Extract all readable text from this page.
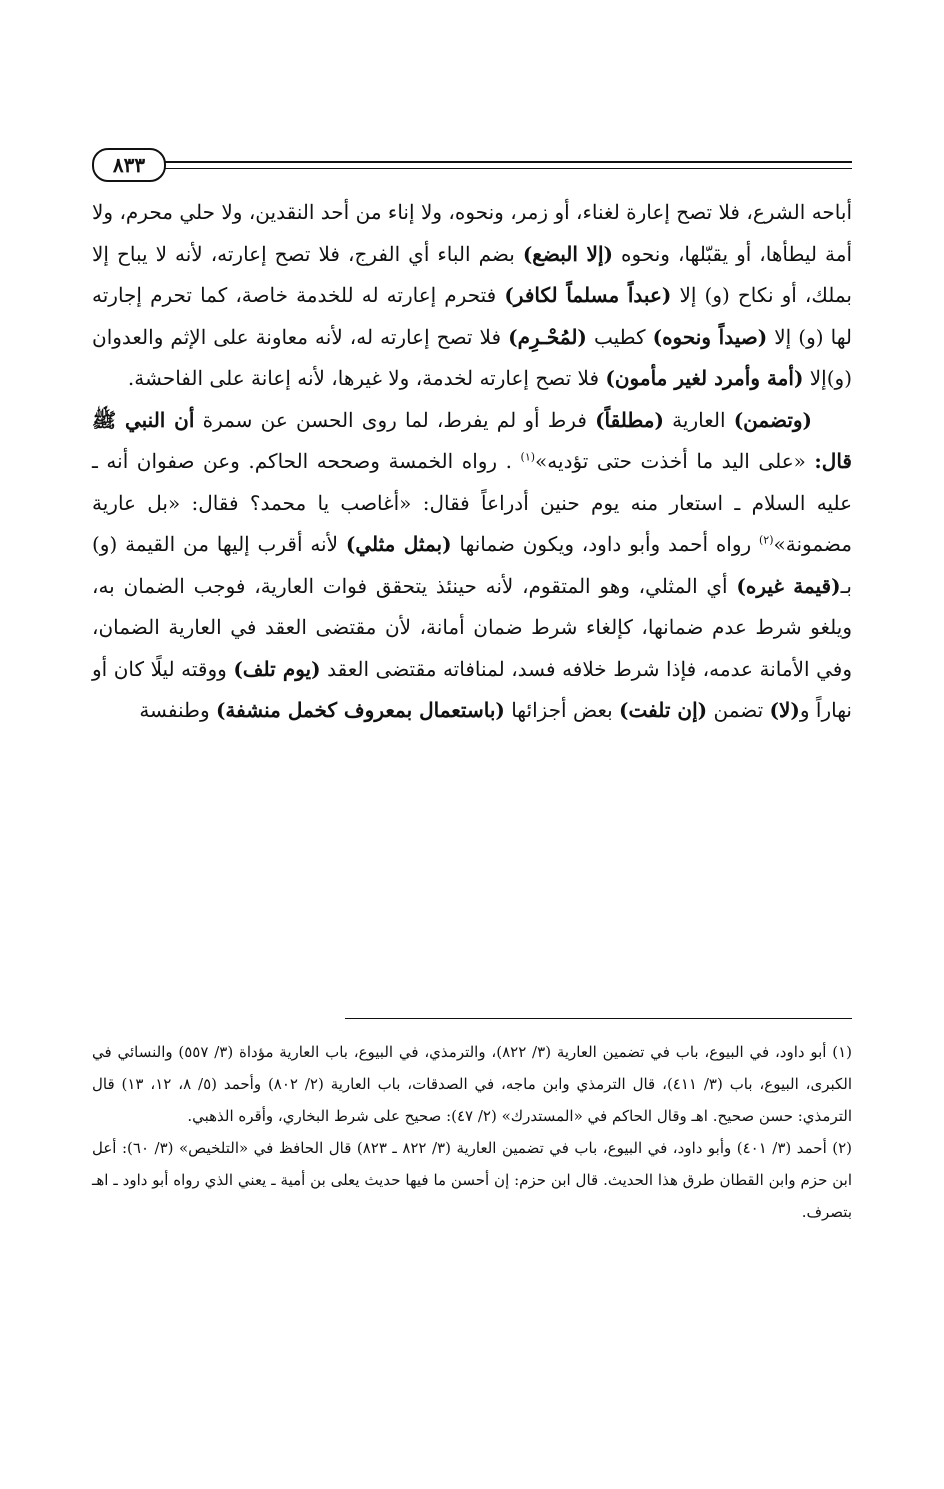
٨٣٣

أباحه الشرع، فلا تصح إعارة لغناء، أو زمر، ونحوه، ولا إناء من أحد النقدين، ولا حلي محرم، ولا أمة ليطأها، أو يقبّلها، ونحوه (إلا البضع) بضم الباء أي الفرج، فلا تصح إعارته، لأنه لا يباح إلا بملك، أو نكاح (و) إلا (عبداً مسلماً لكافر) فتحرم إعارته له للخدمة خاصة، كما تحرم إجارته لها (و) إلا (صيداً ونحوه) كطيب (لمُحْـرِم) فلا تصح إعارته له، لأنه معاونة على الإثم والعدوان (و)إلا (أمة وأمرد لغير مأمون) فلا تصح إعارته لخدمة، ولا غيرها، لأنه إعانة على الفاحشة.

(وتضمن) العارية (مطلقاً) فرط أو لم يفرط، لما روى الحسن عن سمرة أن النبي ﷺ قال: «على اليد ما أخذت حتى تؤديه»$^{(١)}$ . رواه الخمسة وصححه الحاكم. وعن صفوان أنه ـ عليه السلام ـ استعار منه يوم حنين أدراعاً فقال: «أغاصب يا محمد؟ فقال: «بل عارية مضمونة»$^{(٢)}$ رواه أحمد وأبو داود، ويكون ضمانها (بمثل مثلي) لأنه أقرب إليها من القيمة (و) بـ(قيمة غيره) أي المثلي، وهو المتقوم، لأنه حينئذ يتحقق فوات العارية، فوجب الضمان به، ويلغو شرط عدم ضمانها، كإلغاء شرط ضمان أمانة، لأن مقتضى العقد في العارية الضمان، وفي الأمانة عدمه، فإذا شرط خلافه فسد، لمنافاته مقتضى العقد (يوم تلف) ووقته ليلًا كان أو نهاراً و(لا) تضمن (إن تلفت) بعض أجزائها (باستعمال بمعروف كخمل منشفة) وطنفسة

(١) أبو داود، في البيوع، باب في تضمين العارية (٣/ ٨٢٢)، والترمذي، في البيوع، باب العارية مؤداة (٣/ ٥٥٧) والنسائي في الكبرى، البيوع، باب (٣/ ٤١١)، قال الترمذي وابن ماجه، في الصدقات، باب العارية (٢/ ٨٠٢) وأحمد (٥/ ٨، ١٢، ١٣) قال الترمذي: حسن صحيح. اهـ وقال الحاكم في «المستدرك» (٢/ ٤٧): صحيح على شرط البخاري، وأقره الذهبي.

(٢) أحمد (٣/ ٤٠١) وأبو داود، في البيوع، باب في تضمين العارية (٣/ ٨٢٢ ـ ٨٢٣) قال الحافظ في «التلخيص» (٣/ ٦٠): أعل ابن حزم وابن القطان طرق هذا الحديث. قال ابن حزم: إن أحسن ما فيها حديث يعلى بن أمية ـ يعني الذي رواه أبو داود ـ اهـ بتصرف.
